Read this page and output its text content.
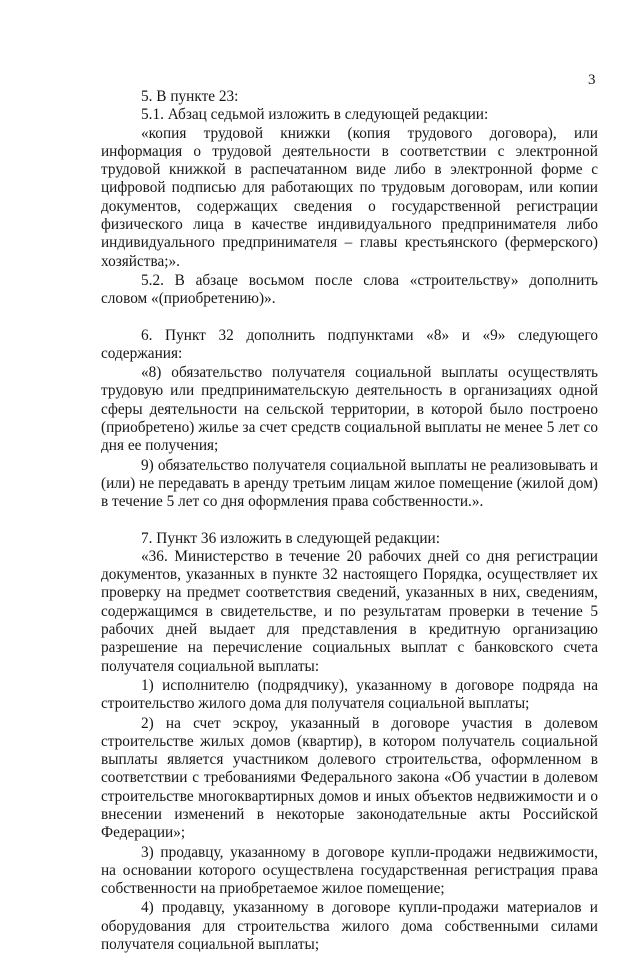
3

5. В пункте 23:

5.1. Абзац седьмой изложить в следующей редакции:

«копия трудовой книжки (копия трудового договора), или информация о трудовой деятельности в соответствии с электронной трудовой книжкой в распечатанном виде либо в электронной форме с цифровой подписью для работающих по трудовым договорам, или копии документов, содержащих сведения о государственной регистрации физического лица в качестве индивидуального предпринимателя либо индивидуального предпринимателя – главы крестьянского (фермерского) хозяйства;».

5.2. В абзаце восьмом после слова «строительству» дополнить словом «(приобретению)».

6. Пункт 32 дополнить подпунктами «8» и «9» следующего содержания:

«8) обязательство получателя социальной выплаты осуществлять трудовую или предпринимательскую деятельность в организациях одной сферы деятельности на сельской территории, в которой было построено (приобретено) жилье за счет средств социальной выплаты не менее 5 лет со дня ее получения;

9) обязательство получателя социальной выплаты не реализовывать и (или) не передавать в аренду третьим лицам жилое помещение (жилой дом) в течение 5 лет со дня оформления права собственности.».

7. Пункт 36 изложить в следующей редакции:

«36. Министерство в течение 20 рабочих дней со дня регистрации документов, указанных в пункте 32 настоящего Порядка, осуществляет их проверку на предмет соответствия сведений, указанных в них, сведениям, содержащимся в свидетельстве, и по результатам проверки в течение 5 рабочих дней выдает для представления в кредитную организацию разрешение на перечисление социальных выплат с банковского счета получателя социальной выплаты:

1) исполнителю (подрядчику), указанному в договоре подряда на строительство жилого дома для получателя социальной выплаты;

2) на счет эскроу, указанный в договоре участия в долевом строительстве жилых домов (квартир), в котором получатель социальной выплаты является участником долевого строительства, оформленном в соответствии с требованиями Федерального закона «Об участии в долевом строительстве многоквартирных домов и иных объектов недвижимости и о внесении изменений в некоторые законодательные акты Российской Федерации»;

3) продавцу, указанному в договоре купли-продажи недвижимости, на основании которого осуществлена государственная регистрация права собственности на приобретаемое жилое помещение;

4) продавцу, указанному в договоре купли-продажи материалов и оборудования для строительства жилого дома собственными силами получателя социальной выплаты;
